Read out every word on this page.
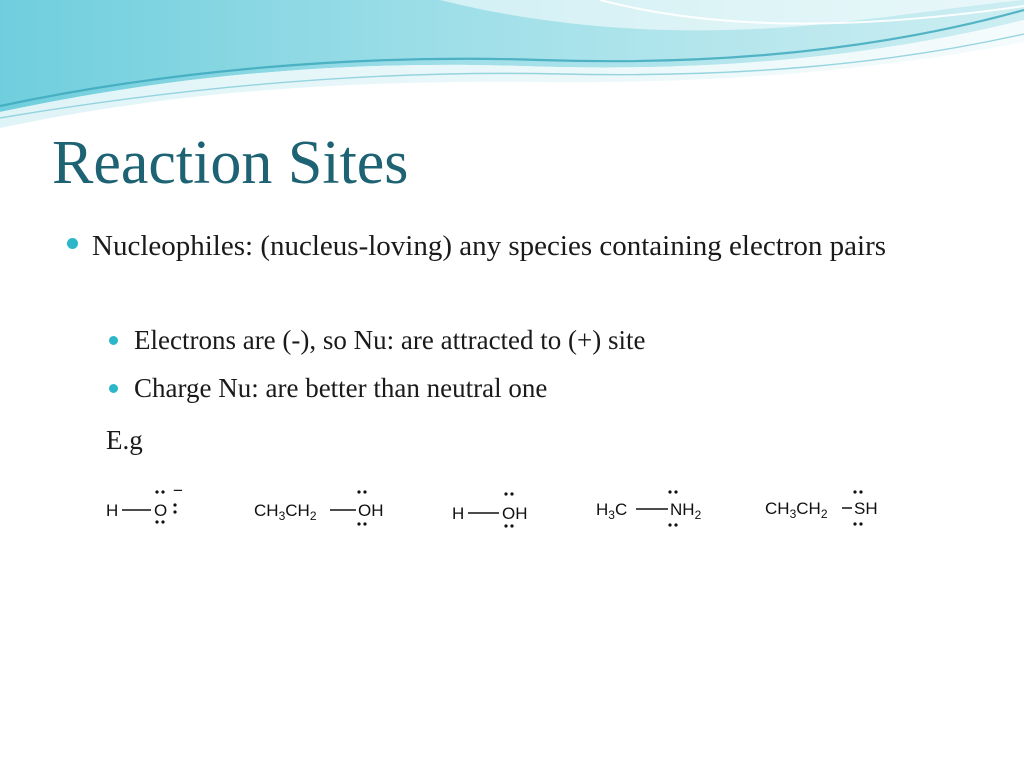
Reaction Sites
Nucleophiles: (nucleus-loving) any species containing electron pairs
Electrons are (-), so Nu: are attracted to (+) site
Charge Nu: are better than neutral one
E.g
H O
−
$CH_3CH_2$ OH	H OH	$H_3C$	$NH_2$	$CH_3CH_2$ SH
